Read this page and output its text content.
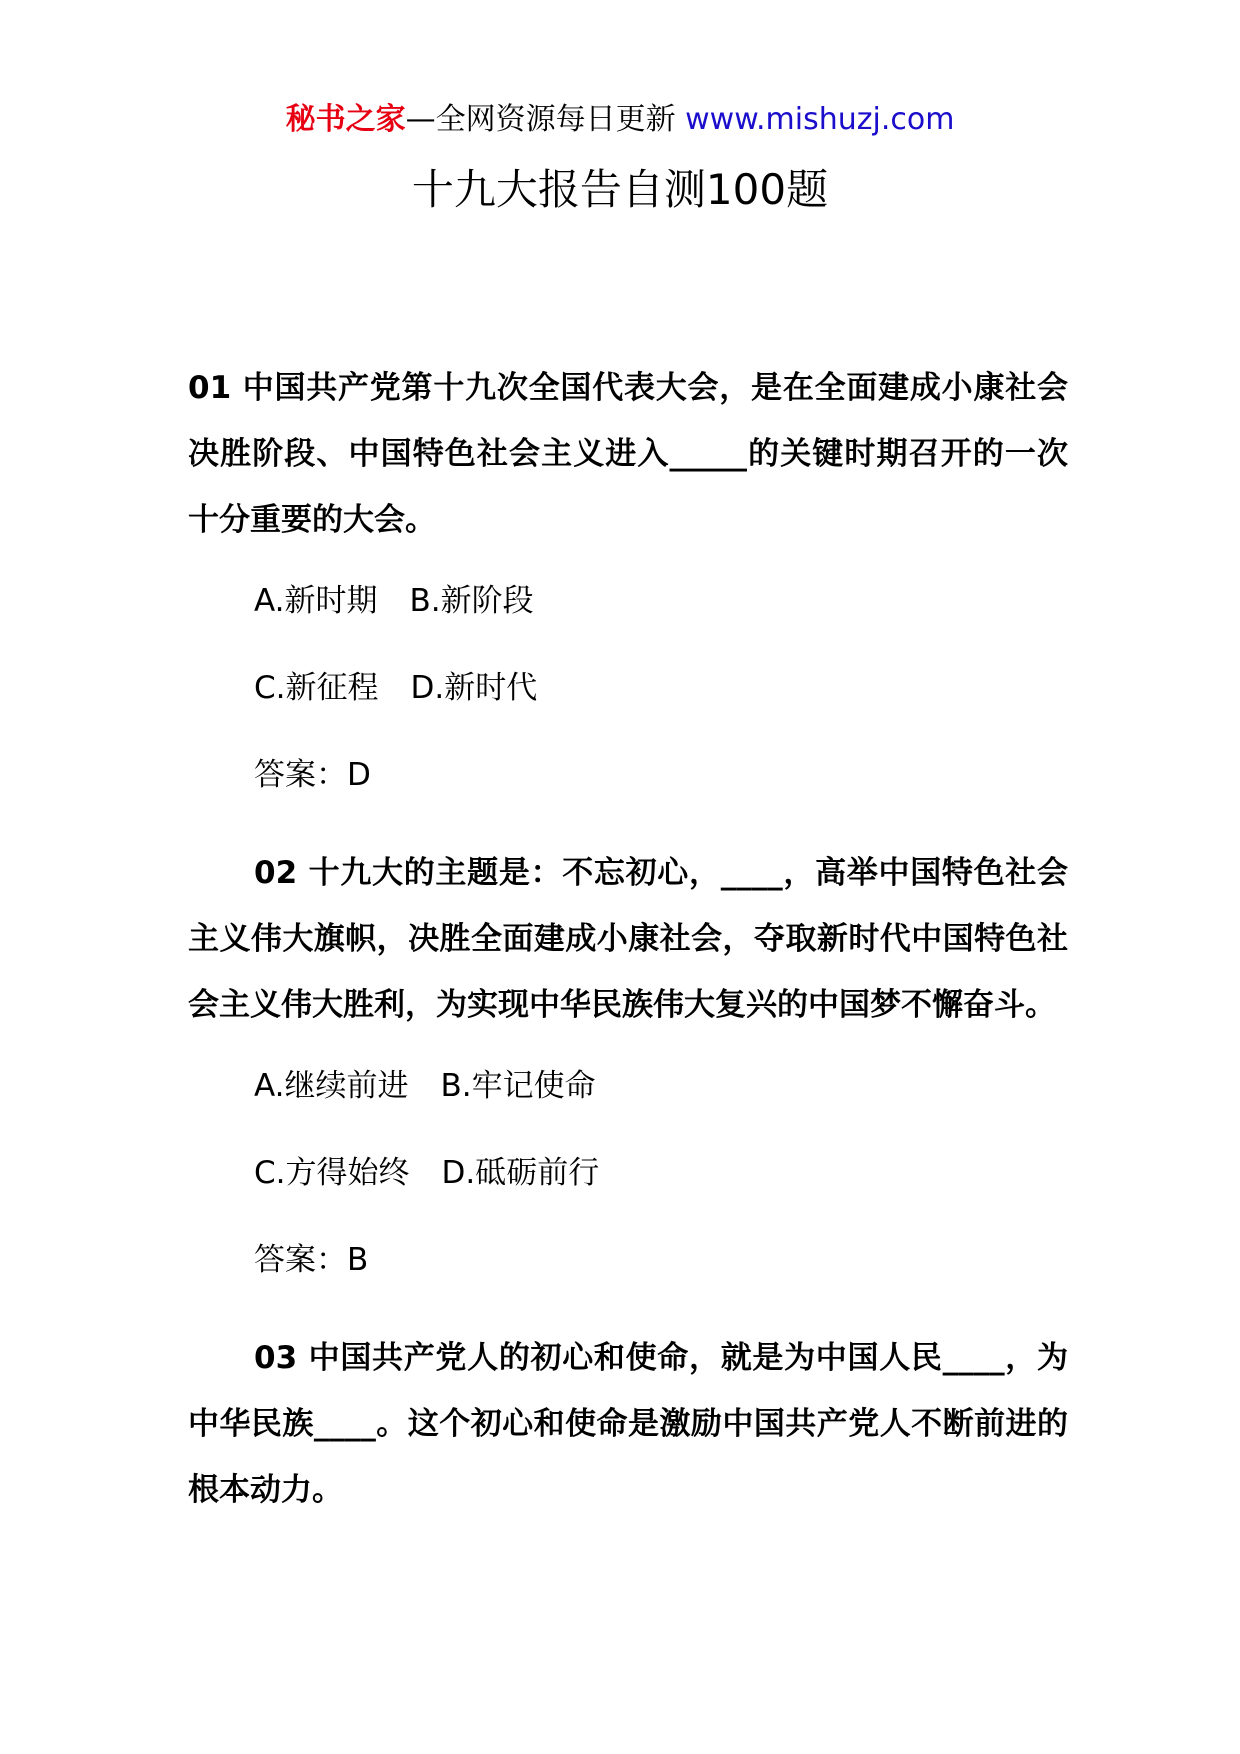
秘书之家—全网资源每日更新 www.mishuzj.com
十九大报告自测100题

01 中国共产党第十九次全国代表大会，是在全面建成小康社会决胜阶段、中国特色社会主义进入_____的关键时期召开的一次十分重要的大会。

A.新时期 B.新阶段

C.新征程 D.新时代

答案：D

02 十九大的主题是：不忘初心，____，高举中国特色社会主义伟大旗帜，决胜全面建成小康社会，夺取新时代中国特色社会主义伟大胜利，为实现中华民族伟大复兴的中国梦不懈奋斗。

A.继续前进 B.牢记使命

C.方得始终 D.砥砺前行

答案：B

03 中国共产党人的初心和使命，就是为中国人民____，为中华民族____。这个初心和使命是激励中国共产党人不断前进的根本动力。
